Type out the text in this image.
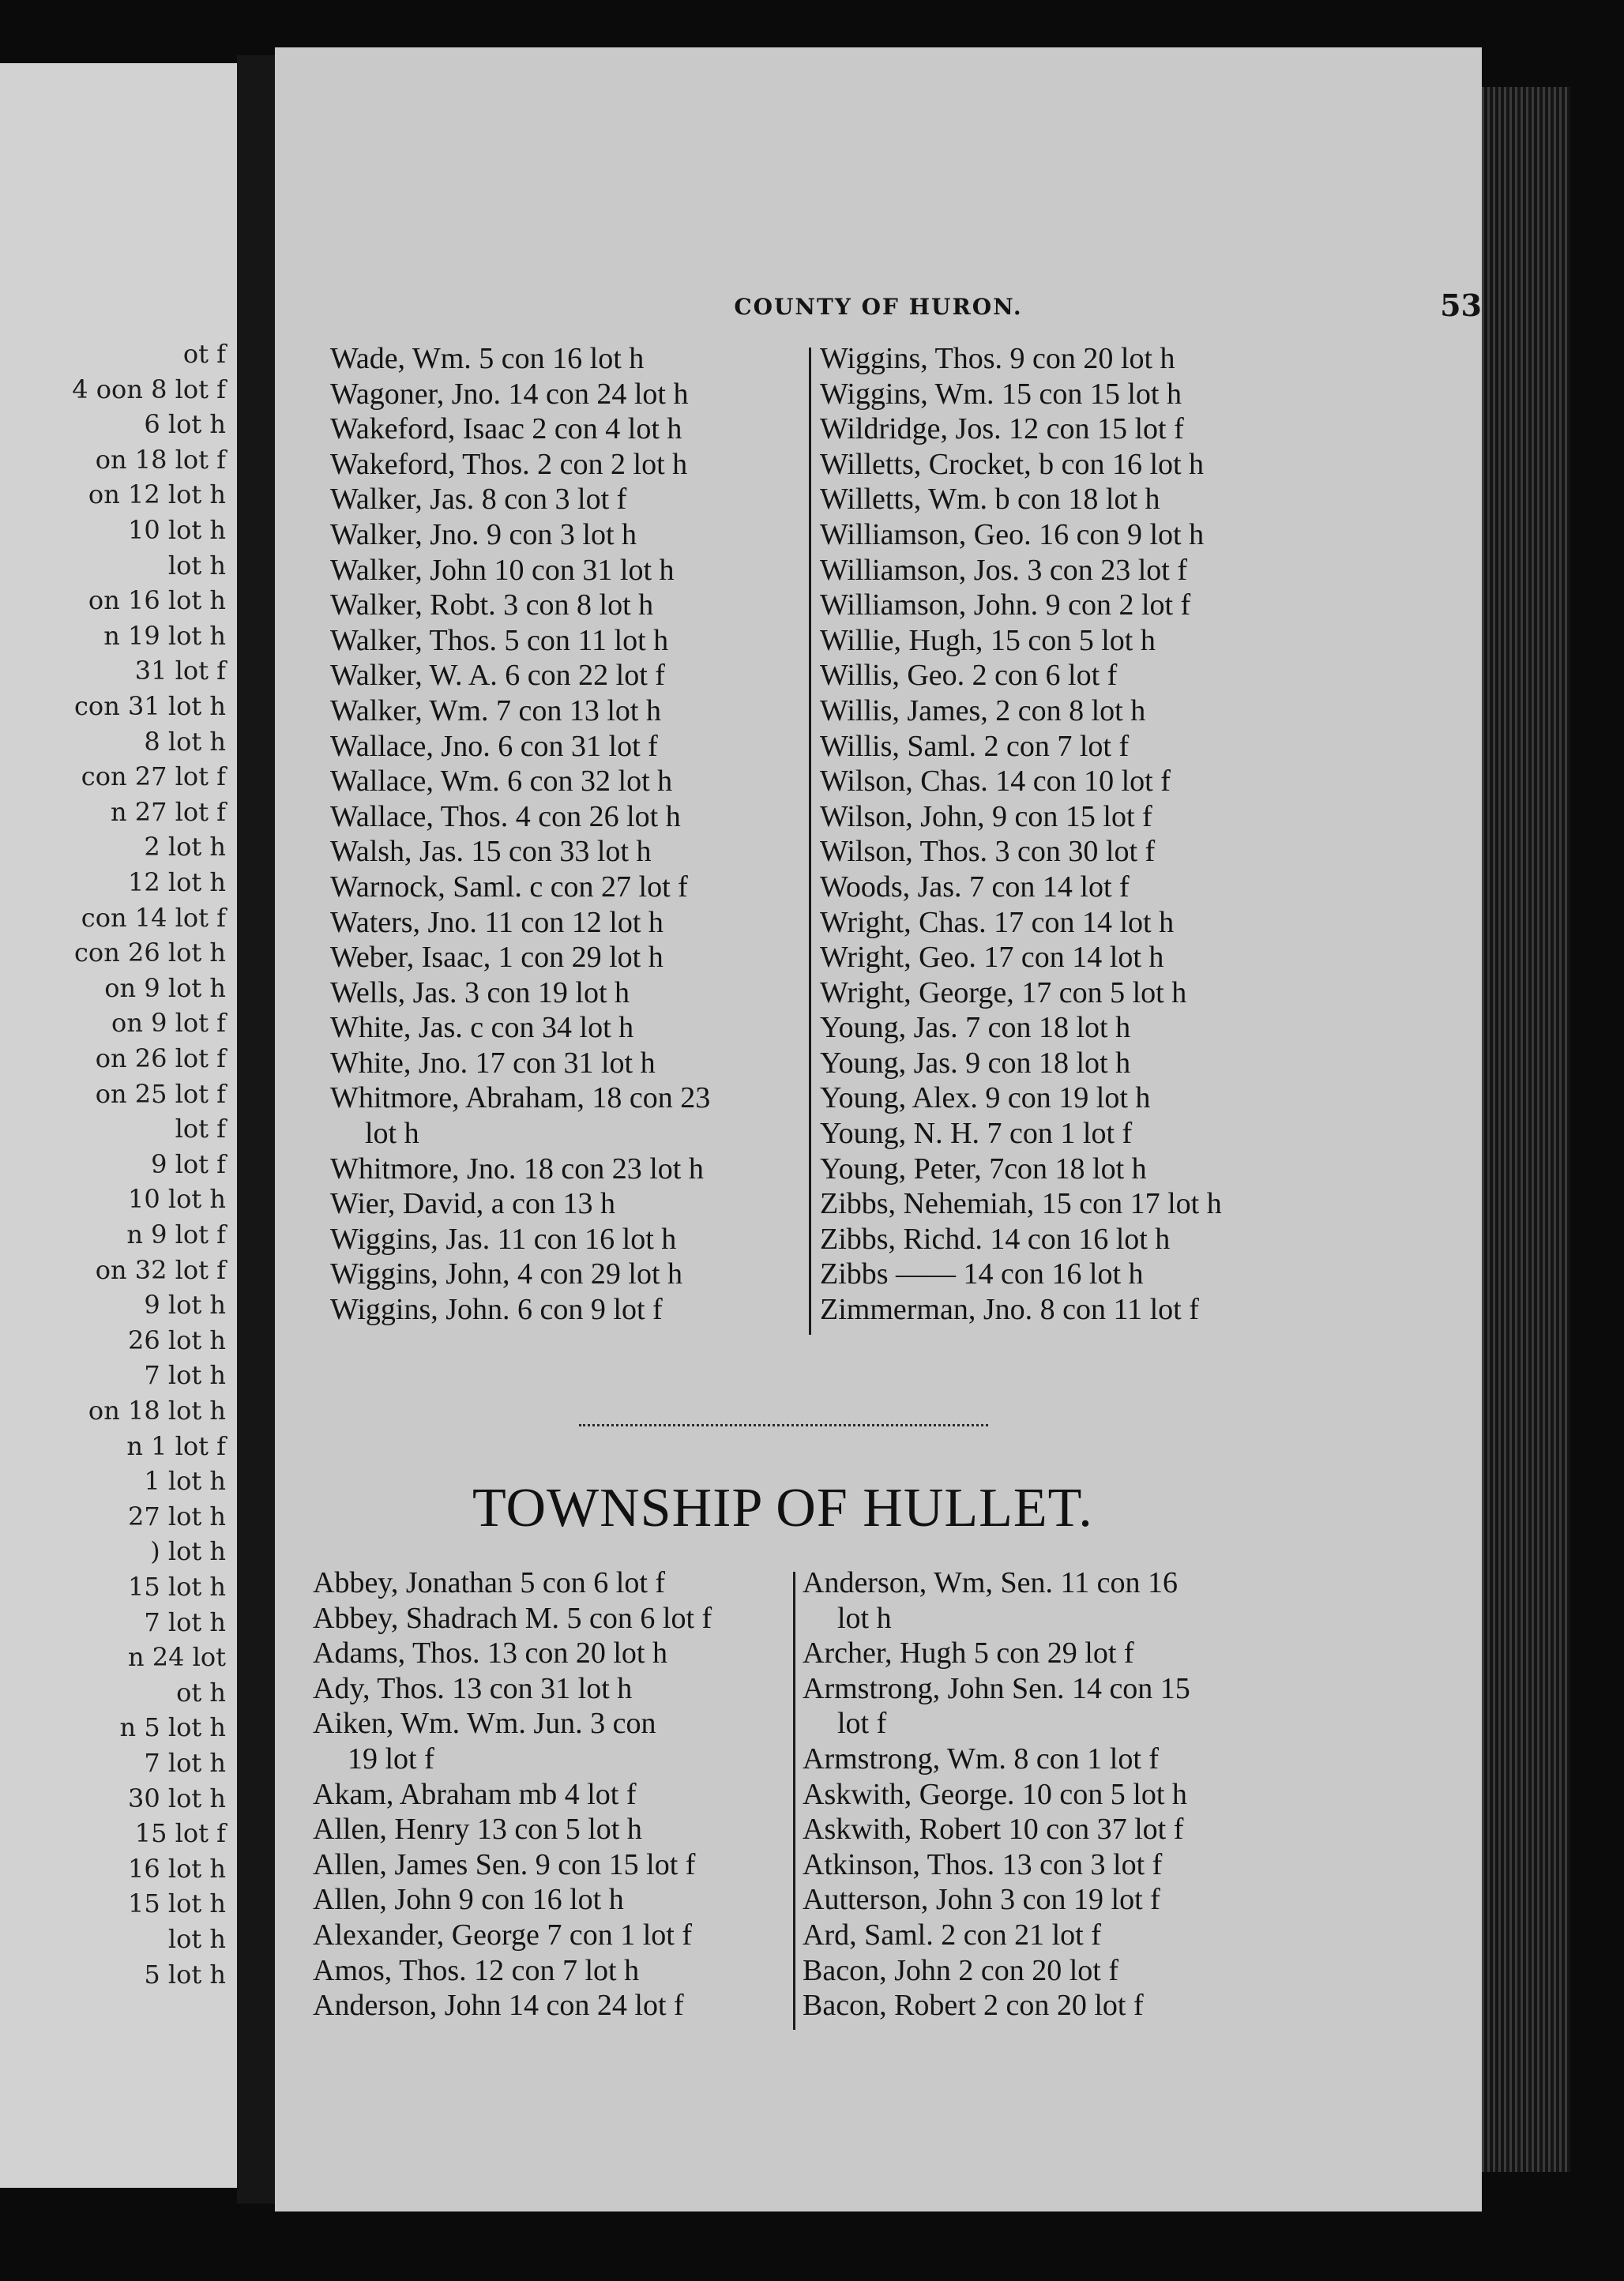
ot f
4 oon 8 lot f
6 lot h
on 18 lot f
on 12 lot h
10 lot h
lot h
on 16 lot h
n 19 lot h
31 lot f
con 31 lot h
8 lot h
con 27 lot f
n 27 lot f
2 lot h
12 lot h
con 14 lot f
con 26 lot h
on 9 lot h
on 9 lot f
on 26 lot f
on 25 lot f
lot f
9 lot f
10 lot h
n 9 lot f
on 32 lot f
9 lot h
26 lot h
7 lot h
on 18 lot h
n 1 lot f
1 lot h
27 lot h
) lot h
15 lot h
7 lot h
n 24 lot
ot h
n 5 lot h
7 lot h
30 lot h
15 lot f
16 lot h
15 lot h
lot h
5 lot h
COUNTY OF HURON.	53
Wade, Wm. 5 con 16 lot h
Wagoner, Jno. 14 con 24 lot h
Wakeford, Isaac 2 con 4 lot h
Wakeford, Thos. 2 con 2 lot h
Walker, Jas. 8 con 3 lot f
Walker, Jno. 9 con 3 lot h
Walker, John 10 con 31 lot h
Walker, Robt. 3 con 8 lot h
Walker, Thos. 5 con 11 lot h
Walker, W. A. 6 con 22 lot f
Walker, Wm. 7 con 13 lot h
Wallace, Jno. 6 con 31 lot f
Wallace, Wm. 6 con 32 lot h
Wallace, Thos. 4 con 26 lot h
Walsh, Jas. 15 con 33 lot h
Warnock, Saml. c con 27 lot f
Waters, Jno. 11 con 12 lot h
Weber, Isaac, 1 con 29 lot h
Wells, Jas. 3 con 19 lot h
White, Jas. c con 34 lot h
White, Jno. 17 con 31 lot h
Whitmore, Abraham, 18 con 23
lot h
Whitmore, Jno. 18 con 23 lot h
Wier, David, a con 13 h
Wiggins, Jas. 11 con 16 lot h
Wiggins, John, 4 con 29 lot h
Wiggins, John. 6 con 9 lot f
Wiggins, Thos. 9 con 20 lot h
Wiggins, Wm. 15 con 15 lot h
Wildridge, Jos. 12 con 15 lot f
Willetts, Crocket, b con 16 lot h
Willetts, Wm. b con 18 lot h
Williamson, Geo. 16 con 9 lot h
Williamson, Jos. 3 con 23 lot f
Williamson, John. 9 con 2 lot f
Willie, Hugh, 15 con 5 lot h
Willis, Geo. 2 con 6 lot f
Willis, James, 2 con 8 lot h
Willis, Saml. 2 con 7 lot f
Wilson, Chas. 14 con 10 lot f
Wilson, John, 9 con 15 lot f
Wilson, Thos. 3 con 30 lot f
Woods, Jas. 7 con 14 lot f
Wright, Chas. 17 con 14 lot h
Wright, Geo. 17 con 14 lot h
Wright, George, 17 con 5 lot h
Young, Jas. 7 con 18 lot h
Young, Jas. 9 con 18 lot h
Young, Alex. 9 con 19 lot h
Young, N. H. 7 con 1 lot f
Young, Peter, 7con 18 lot h
Zibbs, Nehemiah, 15 con 17 lot h
Zibbs, Richd. 14 con 16 lot h
Zibbs —— 14 con 16 lot h
Zimmerman, Jno. 8 con 11 lot f
TOWNSHIP OF HULLET.
Abbey, Jonathan 5 con 6 lot f
Abbey, Shadrach M. 5 con 6 lot f
Adams, Thos. 13 con 20 lot h
Ady, Thos. 13 con 31 lot h
Aiken, Wm. Wm. Jun. 3 con
19 lot f
Akam, Abraham mb 4 lot f
Allen, Henry 13 con 5 lot h
Allen, James Sen. 9 con 15 lot f
Allen, John 9 con 16 lot h
Alexander, George 7 con 1 lot f
Amos, Thos. 12 con 7 lot h
Anderson, John 14 con 24 lot f
Anderson, Wm, Sen. 11 con 16
lot h
Archer, Hugh 5 con 29 lot f
Armstrong, John Sen. 14 con 15
lot f
Armstrong, Wm. 8 con 1 lot f
Askwith, George. 10 con 5 lot h
Askwith, Robert 10 con 37 lot f
Atkinson, Thos. 13 con 3 lot f
Autterson, John 3 con 19 lot f
Ard, Saml. 2 con 21 lot f
Bacon, John 2 con 20 lot f
Bacon, Robert 2 con 20 lot f
